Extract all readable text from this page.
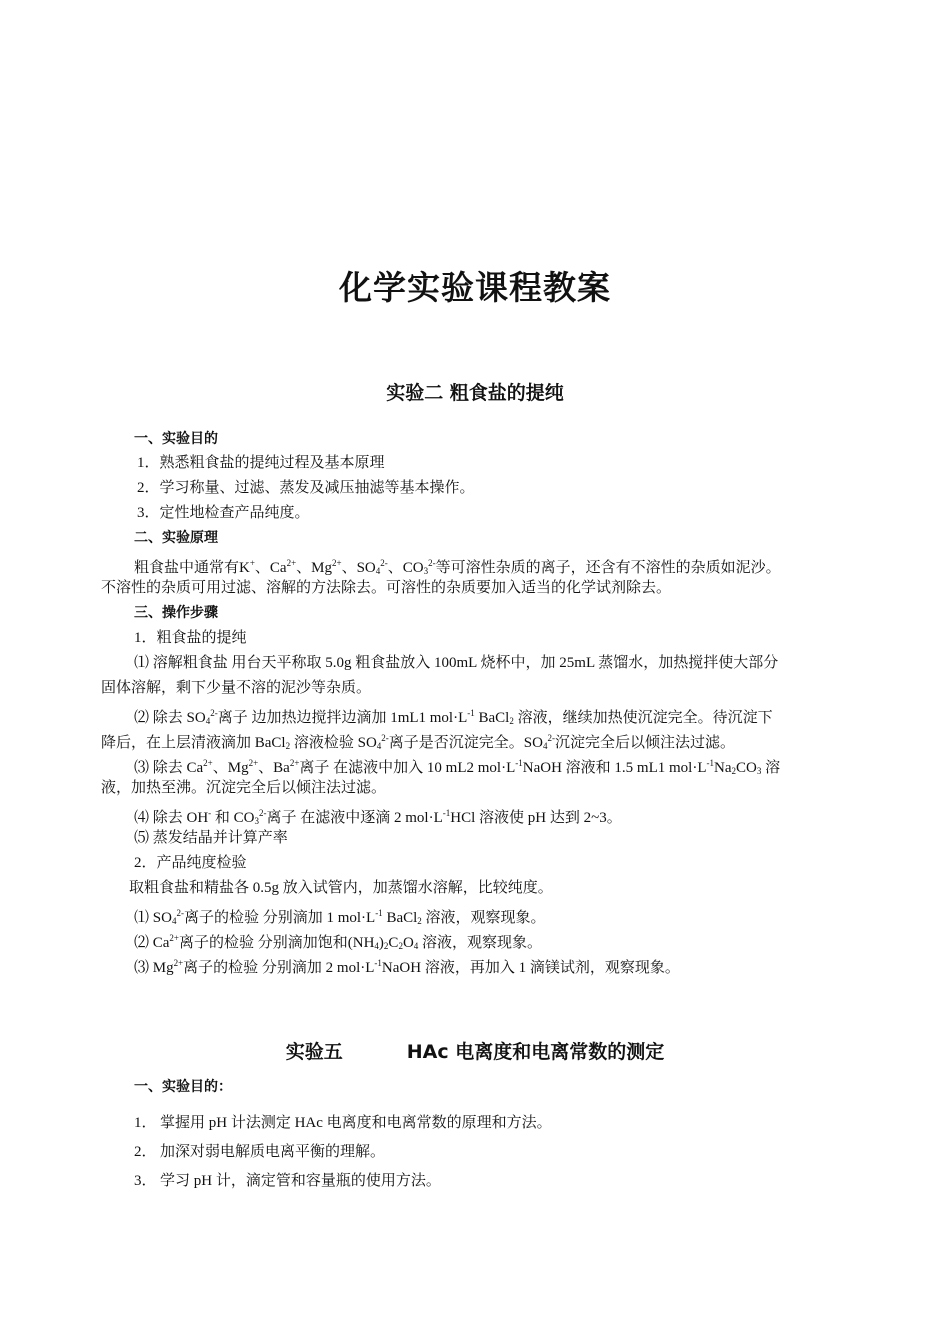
化学实验课程教案
实验二 粗食盐的提纯
一、实验目的
1．熟悉粗食盐的提纯过程及基本原理
2．学习称量、过滤、蒸发及减压抽滤等基本操作。
3．定性地检查产品纯度。
二、实验原理
粗食盐中通常有K+、$Ca^{2+}$、$Mg^{2+}$、$SO_4^{2-}$、$CO_3^{2-}$等可溶性杂质的离子，还含有不溶性的杂质如泥沙。
不溶性的杂质可用过滤、溶解的方法除去。可溶性的杂质要加入适当的化学试剂除去。
三、操作步骤
1．粗食盐的提纯
⑴ 溶解粗食盐 用台天平称取 5.0g 粗食盐放入 100mL 烧杯中，加 25mL 蒸馏水，加热搅拌使大部分
固体溶解，剩下少量不溶的泥沙等杂质。
⑵ 除去 $SO_4^{2-}$离子 边加热边搅拌边滴加 1mL1 $mol\cdot L^{-1}$ BaCl$_2$ 溶液，继续加热使沉淀完全。待沉淀下
降后，在上层清液滴加 BaCl$_2$ 溶液检验 $SO_4^{2-}$离子是否沉淀完全。$SO_4^{2-}$沉淀完全后以倾注法过滤。
⑶ 除去 $Ca^{2+}$、$Mg^{2+}$、$Ba^{2+}$离子 在滤液中加入 10 mL2 $mol\cdot L^{-1}NaOH$ 溶液和 1.5 mL1 $mol\cdot L^{-1}Na_2CO_3$ 溶
液，加热至沸。沉淀完全后以倾注法过滤。
⑷ 除去 OH- 和 $CO_3^{2-}$离子 在滤液中逐滴 2 $mol\cdot L^{-1}HCl$ 溶液使 pH 达到 2~3。
⑸ 蒸发结晶并计算产率
2．产品纯度检验
取粗食盐和精盐各 0.5g 放入试管内，加蒸馏水溶解，比较纯度。
⑴ $SO_4^{2-}$离子的检验 分别滴加 1 $mol\cdot L^{-1}$ BaCl$_2$ 溶液，观察现象。
⑵ $Ca^{2+}$离子的检验 分别滴加饱和$(NH_4)_2C_2O_4$ 溶液，观察现象。
⑶ $Mg^{2+}$离子的检验 分别滴加 2 $mol\cdot L^{-1}NaOH$ 溶液，再加入 1 滴镁试剂，观察现象。
实验五	HAc 电离度和电离常数的测定
一、实验目的：
1． 掌握用 pH 计法测定 HAc 电离度和电离常数的原理和方法。
2． 加深对弱电解质电离平衡的理解。
3． 学习 pH 计，滴定管和容量瓶的使用方法。
